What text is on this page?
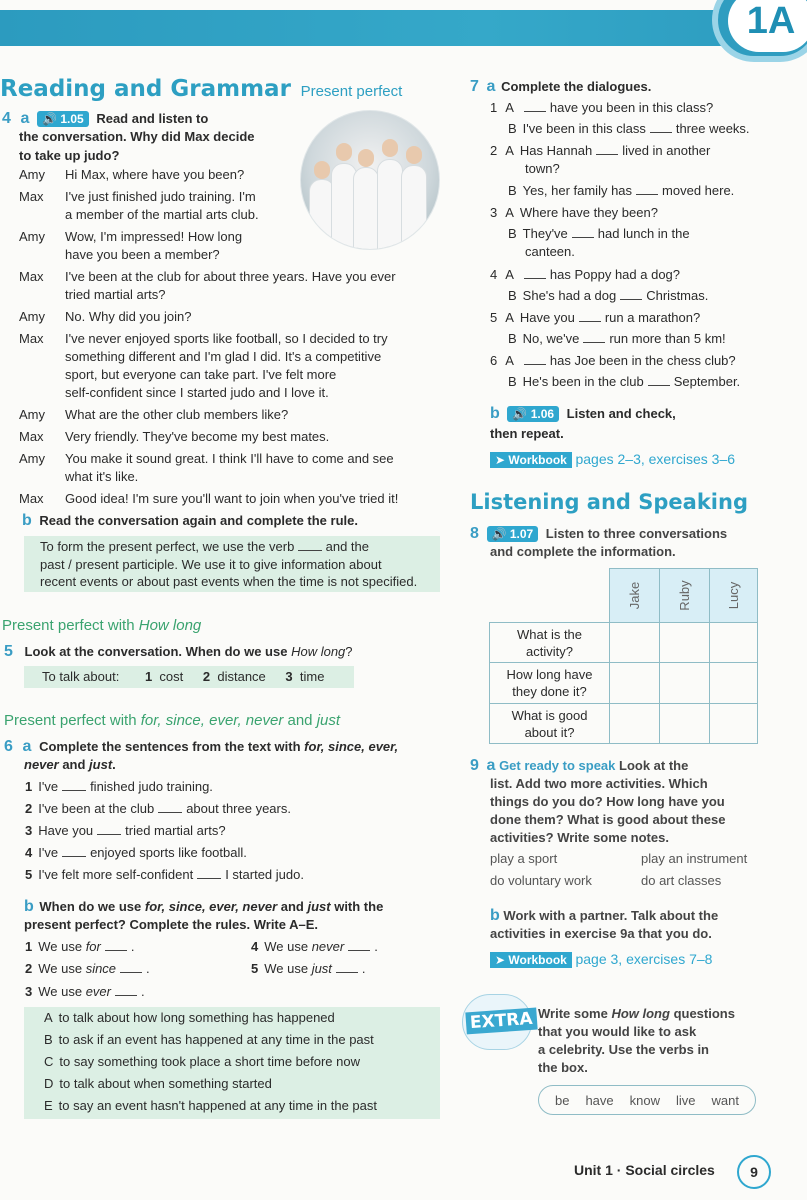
1A
Reading and Grammar Present perfect
4 a 🔊 1.05 Read and listen to
the conversation. Why did Max decide
to take up judo?
Amy	Hi Max, where have you been?
Max	I've just finished judo training. I'm
a member of the martial arts club.
Amy	Wow, I'm impressed! How long
have you been a member?
Max	I've been at the club for about three years. Have you ever
tried martial arts?
Amy	No. Why did you join?
Max	I've never enjoyed sports like football, so I decided to try
something different and I'm glad I did. It's a competitive
sport, but everyone can take part. I've felt more
self-confident since I started judo and I love it.
Amy	What are the other club members like?
Max	Very friendly. They've become my best mates.
Amy	You make it sound great. I think I'll have to come and see
what it's like.
Max	Good idea! I'm sure you'll want to join when you've tried it!
b Read the conversation again and complete the rule.
To form the present perfect, we use the verb and the
past / present participle. We use it to give information about
recent events or about past events when the time is not specified.
Present perfect with How long
5 Look at the conversation. When do we use How long?
To talk about: 1 cost 2 distance 3 time
Present perfect with for, since, ever, never and just
6 a Complete the sentences from the text with for, since, ever,
never and just.
1 I've finished judo training.
2 I've been at the club about three years.
3 Have you tried martial arts?
4 I've enjoyed sports like football.
5 I've felt more self-confident I started judo.
b When do we use for, since, ever, never and just with the
present perfect? Complete the rules. Write A–E.
1 We use for .
2 We use since .
3 We use ever .
4 We use never .
5 We use just .
A to talk about how long something has happened
B to ask if an event has happened at any time in the past
C to say something took place a short time before now
D to talk about when something started
E to say an event hasn't happened at any time in the past
7 a Complete the dialogues.
1 A	have you been in this class?
B I've been in this class three weeks.
2 A Has Hannah lived in another
town?
B Yes, her family has moved here.
3 A Where have they been?
B They've had lunch in the
canteen.
4 A	has Poppy had a dog?
B She's had a dog Christmas.
5 A Have you run a marathon?
B No, we've run more than 5 km!
6 A	has Joe been in the chess club?
B He's been in the club September.
b 🔊 1.06 Listen and check,
then repeat.
➤ Workbook pages 2–3, exercises 3–6
Listening and Speaking
8 🔊 1.07 Listen to three conversations
and complete the information.

	Jake	Ruby	Lucy

What is the
activity?			
How long have
they done it?			
What is good
about it?			
9 a Get ready to speak Look at the
list. Add two more activities. Which
things do you do? How long have you
done them? What is good about these
activities? Write some notes.
play a sport	play an instrument
do voluntary work	do art classes
b Work with a partner. Talk about the
activities in exercise 9a that you do.
➤ Workbook page 3, exercises 7–8
EXTRA Write some How long questions
that you would like to ask
a celebrity. Use the verbs in
the box.
be have know live want
Unit 1 · Social circles	9
